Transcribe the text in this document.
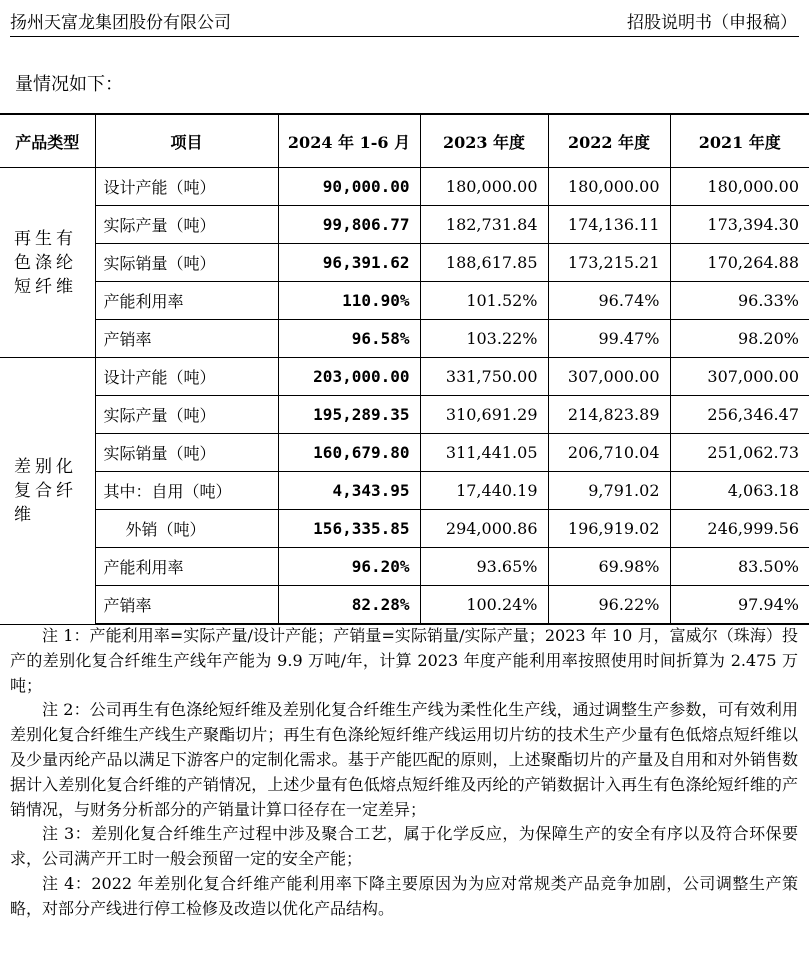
扬州天富龙集团股份有限公司	招股说明书（申报稿）
量情况如下：
产品类型	项目	2024 年 1-6 月	2023 年度	2022 年度	2021 年度
再生有色涤纶短纤维	设计产能（吨）	90,000.00	180,000.00	180,000.00	180,000.00
	实际产量（吨）	99,806.77	182,731.84	174,136.11	173,394.30
	实际销量（吨）	96,391.62	188,617.85	173,215.21	170,264.88
	产能利用率	110.90%	101.52%	96.74%	96.33%
	产销率	96.58%	103.22%	99.47%	98.20%
差别化复合纤维	设计产能（吨）	203,000.00	331,750.00	307,000.00	307,000.00
	实际产量（吨）	195,289.35	310,691.29	214,823.89	256,346.47
	实际销量（吨）	160,679.80	311,441.05	206,710.04	251,062.73
	其中：自用（吨）	4,343.95	17,440.19	9,791.02	4,063.18
	外销（吨）	156,335.85	294,000.86	196,919.02	246,999.56
	产能利用率	96.20%	93.65%	69.98%	83.50%
	产销率	82.28%	100.24%	96.22%	97.94%

注 1：产能利用率=实际产量/设计产能；产销量=实际销量/实际产量；2023 年 10 月，富威尔（珠海）投产的差别化复合纤维生产线年产能为 9.9 万吨/年，计算 2023 年度产能利用率按照使用时间折算为 2.475 万吨；

注 2：公司再生有色涤纶短纤维及差别化复合纤维生产线为柔性化生产线，通过调整生产参数，可有效利用差别化复合纤维生产线生产聚酯切片；再生有色涤纶短纤维产线运用切片纺的技术生产少量有色低熔点短纤维以及少量丙纶产品以满足下游客户的定制化需求。基于产能匹配的原则，上述聚酯切片的产量及自用和对外销售数据计入差别化复合纤维的产销情况，上述少量有色低熔点短纤维及丙纶的产销数据计入再生有色涤纶短纤维的产销情况，与财务分析部分的产销量计算口径存在一定差异；

注 3：差别化复合纤维生产过程中涉及聚合工艺，属于化学反应，为保障生产的安全有序以及符合环保要求，公司满产开工时一般会预留一定的安全产能；

注 4：2022 年差别化复合纤维产能利用率下降主要原因为为应对常规类产品竞争加剧，公司调整生产策略，对部分产线进行停工检修及改造以优化产品结构。
